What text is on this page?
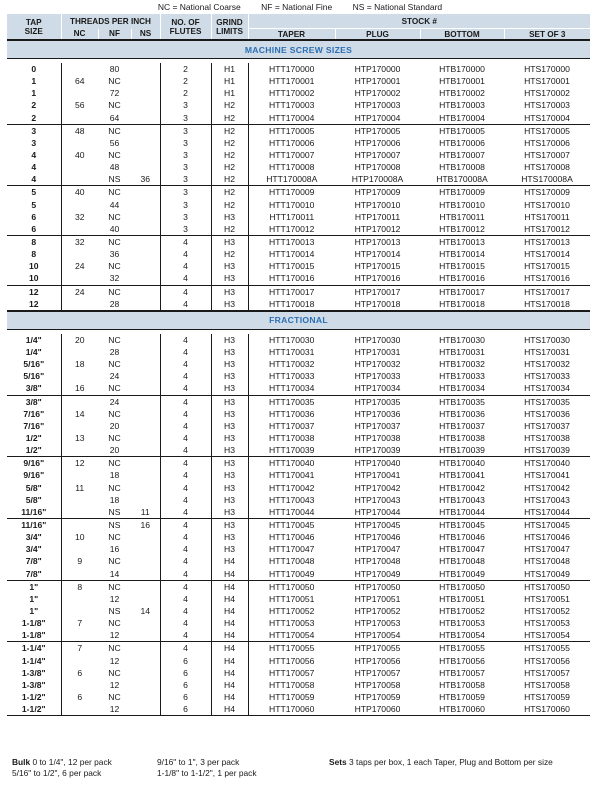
NC = National Coarse NF = National Fine NS = National Standard
TAP
SIZE	THREADS PER INCH			NO. OF
FLUTES	GRIND
LIMITS	STOCK #			
	NC	NF	NS			TAPER	PLUG	BOTTOM	SET OF 3
MACHINE SCREW SIZES									

0		80		2	H1	HTT170000	HTP170000	HTB170000	HTS170000
1	64	NC		2	H1	HTT170001	HTP170001	HTB170001	HTS170001
1		72		2	H1	HTT170002	HTP170002	HTB170002	HTS170002
2	56	NC		3	H2	HTT170003	HTP170003	HTB170003	HTS170003
2		64		3	H2	HTT170004	HTP170004	HTB170004	HTS170004
3	48	NC		3	H2	HTT170005	HTP170005	HTB170005	HTS170005
3		56		3	H2	HTT170006	HTP170006	HTB170006	HTS170006
4	40	NC		3	H2	HTT170007	HTP170007	HTB170007	HTS170007
4		48		3	H2	HTT170008	HTP170008	HTB170008	HTS170008
4		NS	36	3	H2	HTT170008A	HTP170008A	HTB170008A	HTS170008A
5	40	NC		3	H2	HTT170009	HTP170009	HTB170009	HTS170009
5		44		3	H2	HTT170010	HTP170010	HTB170010	HTS170010
6	32	NC		3	H3	HTT170011	HTP170011	HTB170011	HTS170011
6		40		3	H2	HTT170012	HTP170012	HTB170012	HTS170012
8	32	NC		4	H3	HTT170013	HTP170013	HTB170013	HTS170013
8		36		4	H2	HTT170014	HTP170014	HTB170014	HTS170014
10	24	NC		4	H3	HTT170015	HTP170015	HTB170015	HTS170015
10		32		4	H3	HTT170016	HTP170016	HTB170016	HTS170016
12	24	NC		4	H3	HTT170017	HTP170017	HTB170017	HTS170017
12		28		4	H3	HTT170018	HTP170018	HTB170018	HTS170018
FRACTIONAL									

1/4"	20	NC		4	H3	HTT170030	HTP170030	HTB170030	HTS170030
1/4"		28		4	H3	HTT170031	HTP170031	HTB170031	HTS170031
5/16"	18	NC		4	H3	HTT170032	HTP170032	HTB170032	HTS170032
5/16"		24		4	H3	HTT170033	HTP170033	HTB170033	HTS170033
3/8"	16	NC		4	H3	HTT170034	HTP170034	HTB170034	HTS170034
3/8"		24		4	H3	HTT170035	HTP170035	HTB170035	HTS170035
7/16"	14	NC		4	H3	HTT170036	HTP170036	HTB170036	HTS170036
7/16"		20		4	H3	HTT170037	HTP170037	HTB170037	HTS170037
1/2"	13	NC		4	H3	HTT170038	HTP170038	HTB170038	HTS170038
1/2"		20		4	H3	HTT170039	HTP170039	HTB170039	HTS170039
9/16"	12	NC		4	H3	HTT170040	HTP170040	HTB170040	HTS170040
9/16"		18		4	H3	HTT170041	HTP170041	HTB170041	HTS170041
5/8"	11	NC		4	H3	HTT170042	HTP170042	HTB170042	HTS170042
5/8"		18		4	H3	HTT170043	HTP170043	HTB170043	HTS170043
11/16"		NS	11	4	H3	HTT170044	HTP170044	HTB170044	HTS170044
11/16"		NS	16	4	H3	HTT170045	HTP170045	HTB170045	HTS170045
3/4"	10	NC		4	H3	HTT170046	HTP170046	HTB170046	HTS170046
3/4"		16		4	H3	HTT170047	HTP170047	HTB170047	HTS170047
7/8"	9	NC		4	H4	HTT170048	HTP170048	HTB170048	HTS170048
7/8"		14		4	H4	HTT170049	HTP170049	HTB170049	HTS170049
1"	8	NC		4	H4	HTT170050	HTP170050	HTB170050	HTS170050
1"		12		4	H4	HTT170051	HTP170051	HTB170051	HTS170051
1"		NS	14	4	H4	HTT170052	HTP170052	HTB170052	HTS170052
1-1/8"	7	NC		4	H4	HTT170053	HTP170053	HTB170053	HTS170053
1-1/8"		12		4	H4	HTT170054	HTP170054	HTB170054	HTS170054
1-1/4"	7	NC		4	H4	HTT170055	HTP170055	HTB170055	HTS170055
1-1/4"		12		6	H4	HTT170056	HTP170056	HTB170056	HTS170056
1-3/8"	6	NC		6	H4	HTT170057	HTP170057	HTB170057	HTS170057
1-3/8"		12		6	H4	HTT170058	HTP170058	HTB170058	HTS170058
1-1/2"	6	NC		6	H4	HTT170059	HTP170059	HTB170059	HTS170059
1-1/2"		12		6	H4	HTT170060	HTP170060	HTB170060	HTS170060
Bulk 0 to 1/4", 12 per pack
5/16" to 1/2", 6 per pack
9/16" to 1", 3 per pack
1-1/8" to 1-1/2", 1 per pack
Sets 3 taps per box, 1 each Taper, Plug and Bottom per size
